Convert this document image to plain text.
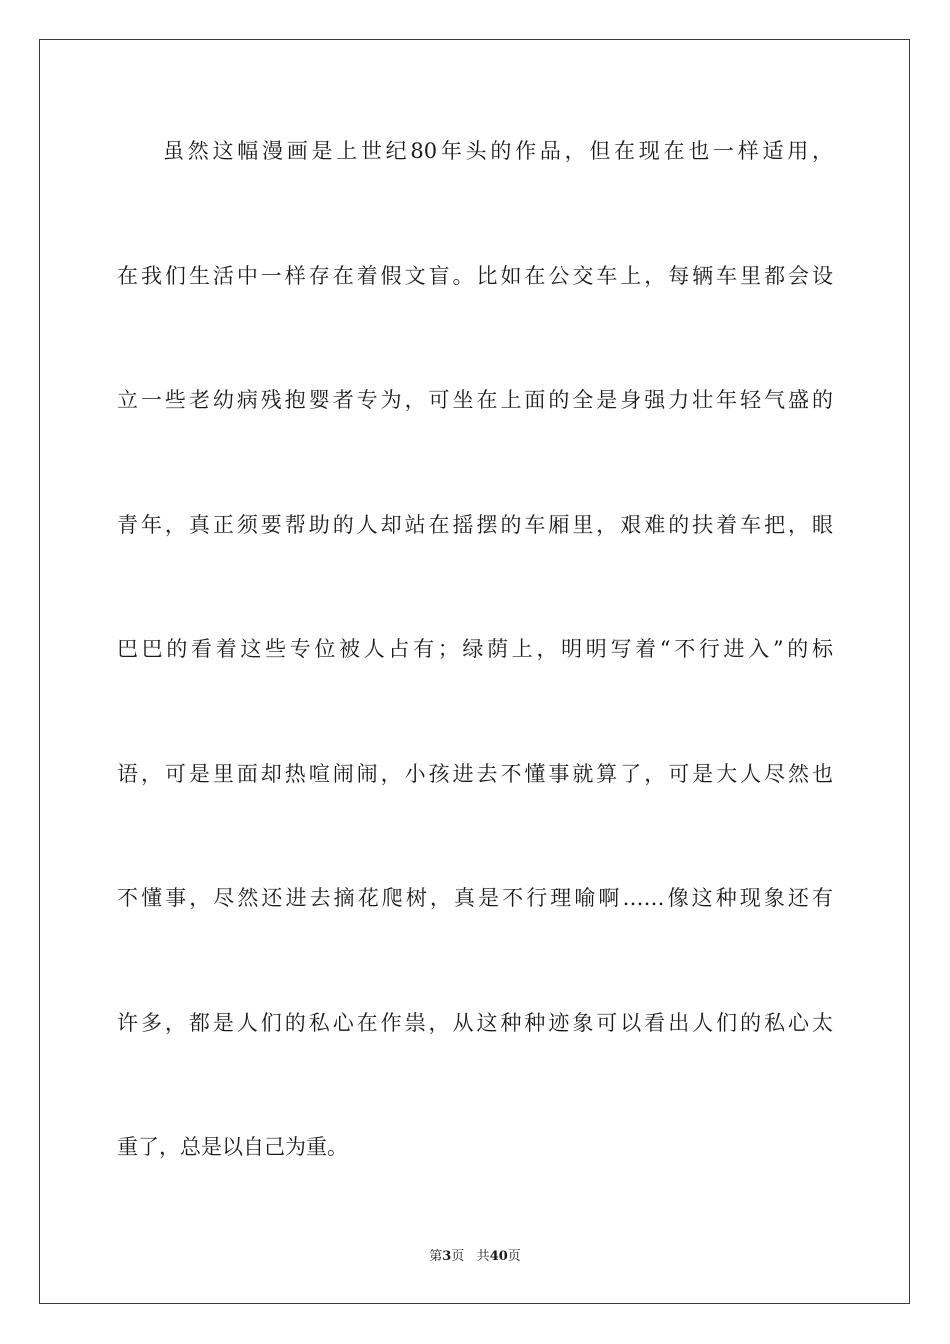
虽然这幅漫画是上世纪80年头的作品，但在现在也一样适用，
在我们生活中一样存在着假文盲。比如在公交车上，每辆车里都会设
立一些老幼病残抱婴者专为，可坐在上面的全是身强力壮年轻气盛的
青年，真正须要帮助的人却站在摇摆的车厢里，艰难的扶着车把，眼
巴巴的看着这些专位被人占有；绿荫上，明明写着“不行进入”的标
语，可是里面却热喧闹闹，小孩进去不懂事就算了，可是大人尽然也
不懂事，尽然还进去摘花爬树，真是不行理喻啊……像这种现象还有
许多，都是人们的私心在作祟，从这种种迹象可以看出人们的私心太
重了，总是以自己为重。
第3页 共40页
